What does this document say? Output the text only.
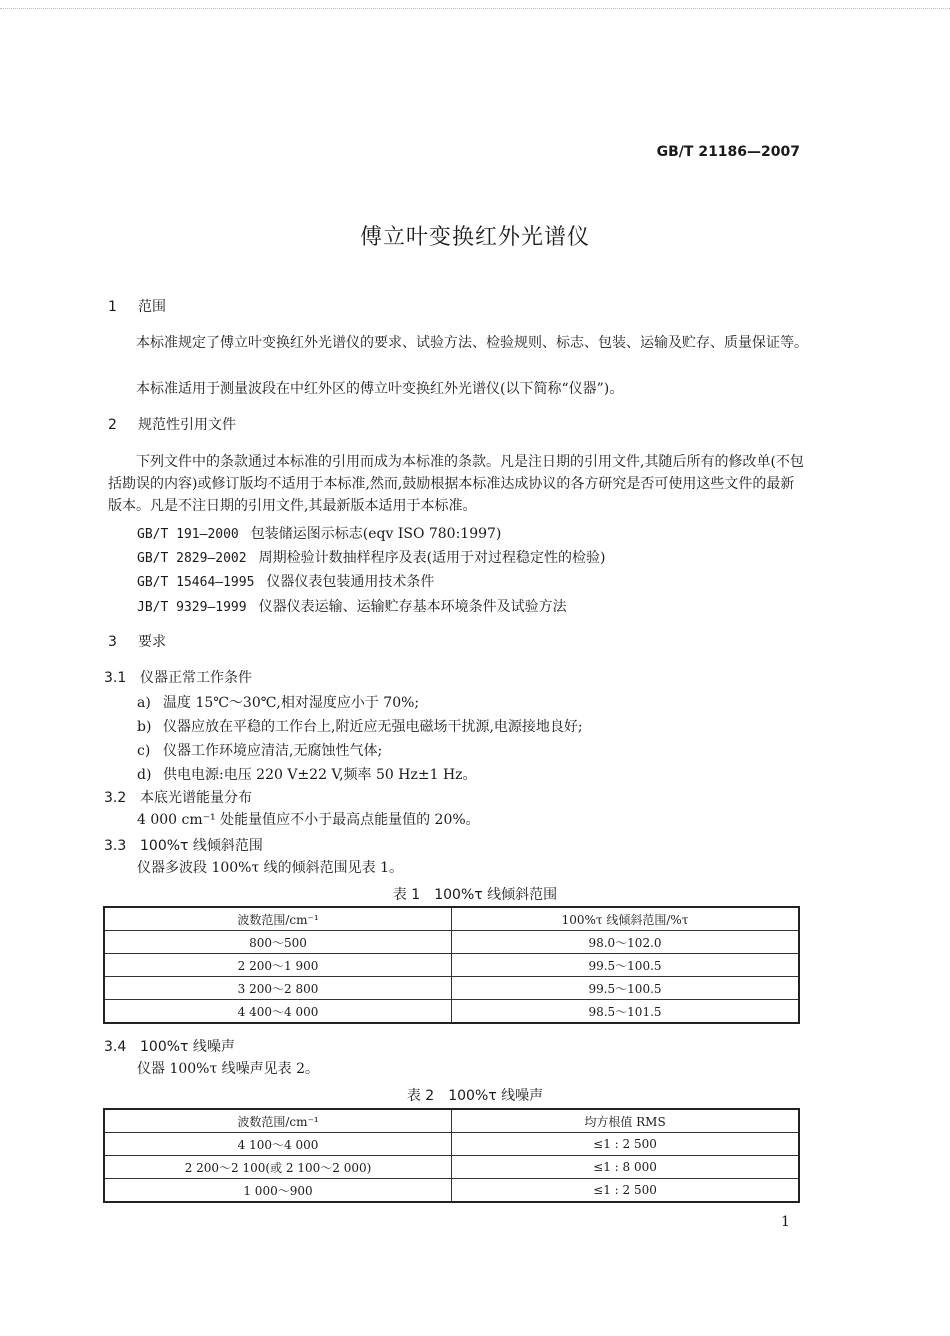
GB/T 21186—2007
傅立叶变换红外光谱仪
1 范围
本标准规定了傅立叶变换红外光谱仪的要求、试验方法、检验规则、标志、包装、运输及贮存、质量保证等。
本标准适用于测量波段在中红外区的傅立叶变换红外光谱仪(以下简称“仪器”)。
2 规范性引用文件
下列文件中的条款通过本标准的引用而成为本标准的条款。凡是注日期的引用文件,其随后所有的修改单(不包括勘误的内容)或修订版均不适用于本标准,然而,鼓励根据本标准达成协议的各方研究是否可使用这些文件的最新版本。凡是不注日期的引用文件,其最新版本适用于本标准。
GB/T 191—2000 包装储运图示标志(eqv ISO 780:1997)
GB/T 2829—2002 周期检验计数抽样程序及表(适用于对过程稳定性的检验)
GB/T 15464—1995 仪器仪表包装通用技术条件
JB/T 9329—1999 仪器仪表运输、运输贮存基本环境条件及试验方法
3 要求
3.1 仪器正常工作条件
a) 温度 15℃～30℃,相对湿度应小于 70%;
b) 仪器应放在平稳的工作台上,附近应无强电磁场干扰源,电源接地良好;
c) 仪器工作环境应清洁,无腐蚀性气体;
d) 供电电源:电压 220 V±22 V,频率 50 Hz±1 Hz。
3.2 本底光谱能量分布
4 000 cm⁻¹ 处能量值应不小于最高点能量值的 20%。
3.3 100%τ 线倾斜范围
仪器多波段 100%τ 线的倾斜范围见表 1。
表 1　100%τ 线倾斜范围
波数范围/cm⁻¹	100%τ 线倾斜范围/%τ
800～500	98.0～102.0
2 200～1 900	99.5～100.5
3 200～2 800	99.5～100.5
4 400～4 000	98.5～101.5
3.4 100%τ 线噪声
仪器 100%τ 线噪声见表 2。
表 2　100%τ 线噪声
波数范围/cm⁻¹	均方根值 RMS
4 100～4 000	≤1 : 2 500
2 200～2 100(或 2 100～2 000)	≤1 : 8 000
1 000～900	≤1 : 2 500
1
